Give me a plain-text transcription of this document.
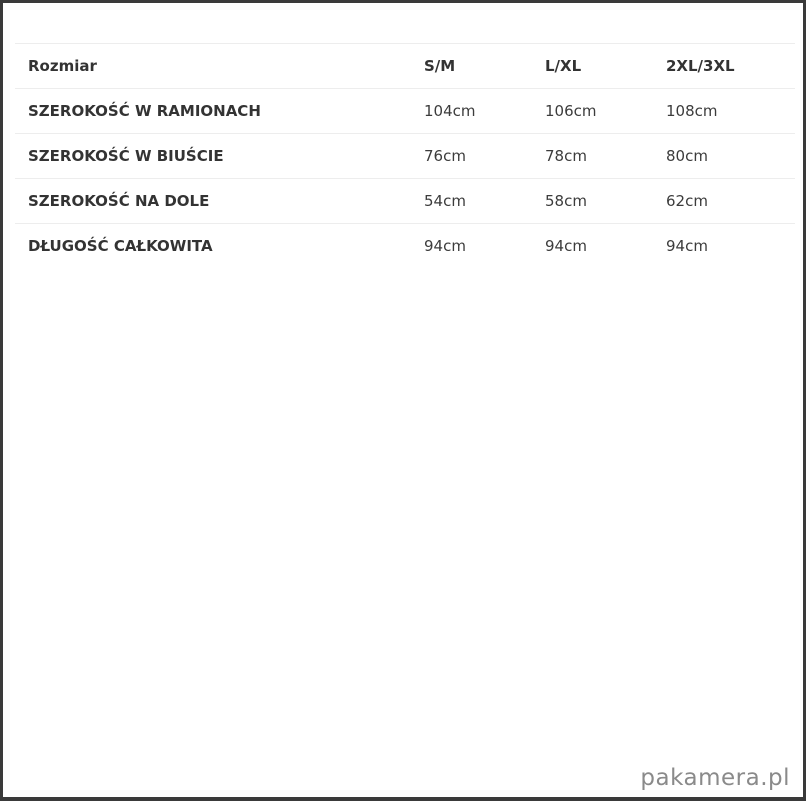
Rozmiar	S/M	L/XL	2XL/3XL
SZEROKOŚĆ W RAMIONACH	104cm	106cm	108cm
SZEROKOŚĆ W BIUŚCIE	76cm	78cm	80cm
SZEROKOŚĆ NA DOLE	54cm	58cm	62cm
DŁUGOŚĆ CAŁKOWITA	94cm	94cm	94cm
pakamera.pl
